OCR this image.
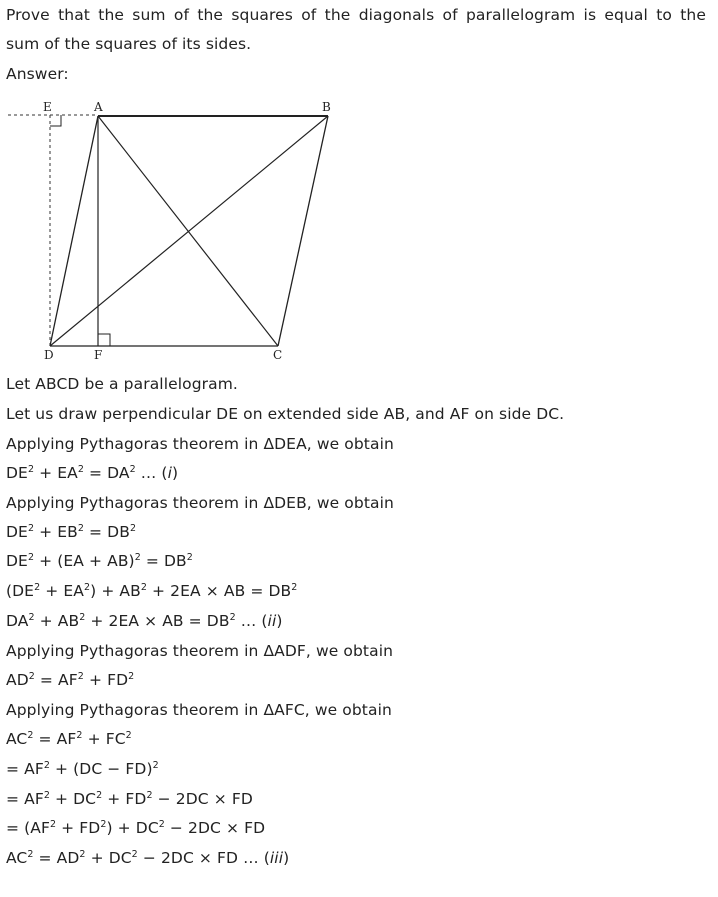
Prove that the sum of the squares of the diagonals of parallelogram is equal to the
sum of the squares of its sides.
Answer:
E	A	B
D	F	C
Let ABCD be a parallelogram.
Let us draw perpendicular DE on extended side AB, and AF on side DC.
Applying Pythagoras theorem in ΔDEA, we obtain
$DE^2 + EA^2 = DA^2$ … (i)
Applying Pythagoras theorem in ΔDEB, we obtain
$DE^2 + EB^2 = DB^2$
$DE^2 + (EA + AB)^2 = DB^2$
$(DE^2 + EA^2) + AB^2 + 2EA$ × AB = $DB^2$
$DA^2 + AB^2 + 2EA$ × AB = $DB^2$ … (ii)
Applying Pythagoras theorem in ΔADF, we obtain
$AD^2 = AF^2 + FD^2$
Applying Pythagoras theorem in ΔAFC, we obtain
$AC^2 = AF^2 + FC^2$
= $AF^2 + (DC - FD)^2$
= $AF^2 + DC^2 + FD^2 - 2DC$ × FD
= $(AF^2 + FD^2) + DC^2 - 2DC$ × FD
$AC^2 = AD^2 + DC^2 - 2DC$ × FD … (iii)
